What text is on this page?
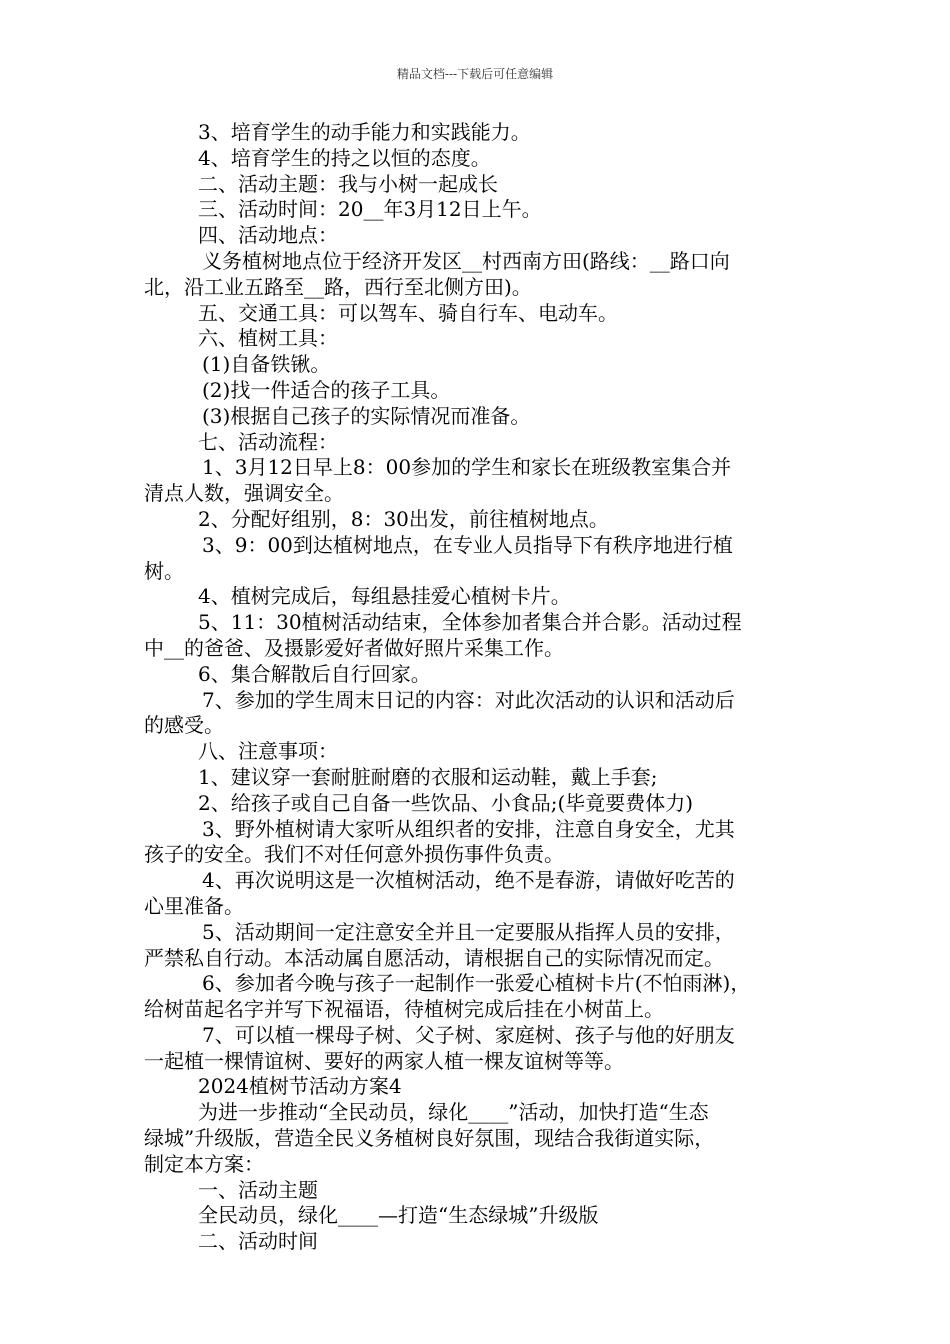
精品文档---下载后可任意编辑
3、培育学生的动手能力和实践能力。
4、培育学生的持之以恒的态度。
二、活动主题：我与小树一起成长
三、活动时间：20__年3月12日上午。
四、活动地点：
义务植树地点位于经济开发区__村西南方田(路线：__路口向
北，沿工业五路至__路，西行至北侧方田)。
五、交通工具：可以驾车、骑自行车、电动车。
六、植树工具：
(1)自备铁锹。
(2)找一件适合的孩子工具。
(3)根据自己孩子的实际情况而准备。
七、活动流程：
1、3月12日早上8：00参加的学生和家长在班级教室集合并
清点人数，强调安全。
2、分配好组别，8：30出发，前往植树地点。
3、9：00到达植树地点，在专业人员指导下有秩序地进行植
树。
4、植树完成后，每组悬挂爱心植树卡片。
5、11：30植树活动结束，全体参加者集合并合影。活动过程
中__的爸爸、及摄影爱好者做好照片采集工作。
6、集合解散后自行回家。
7、参加的学生周末日记的内容：对此次活动的认识和活动后
的感受。
八、注意事项：
1、建议穿一套耐脏耐磨的衣服和运动鞋，戴上手套;
2、给孩子或自己自备一些饮品、小食品;(毕竟要费体力)
3、野外植树请大家听从组织者的安排，注意自身安全，尤其
孩子的安全。我们不对任何意外损伤事件负责。
4、再次说明这是一次植树活动，绝不是春游，请做好吃苦的
心里准备。
5、活动期间一定注意安全并且一定要服从指挥人员的安排，
严禁私自行动。本活动属自愿活动，请根据自己的实际情况而定。
6、参加者今晚与孩子一起制作一张爱心植树卡片(不怕雨淋)，
给树苗起名字并写下祝福语，待植树完成后挂在小树苗上。
7、可以植一棵母子树、父子树、家庭树、孩子与他的好朋友
一起植一棵情谊树、要好的两家人植一棵友谊树等等。
2024植树节活动方案4
为进一步推动“全民动员，绿化____”活动，加快打造“生态
绿城”升级版，营造全民义务植树良好氛围，现结合我街道实际，
制定本方案：
一、活动主题
全民动员，绿化____—打造“生态绿城”升级版
二、活动时间
